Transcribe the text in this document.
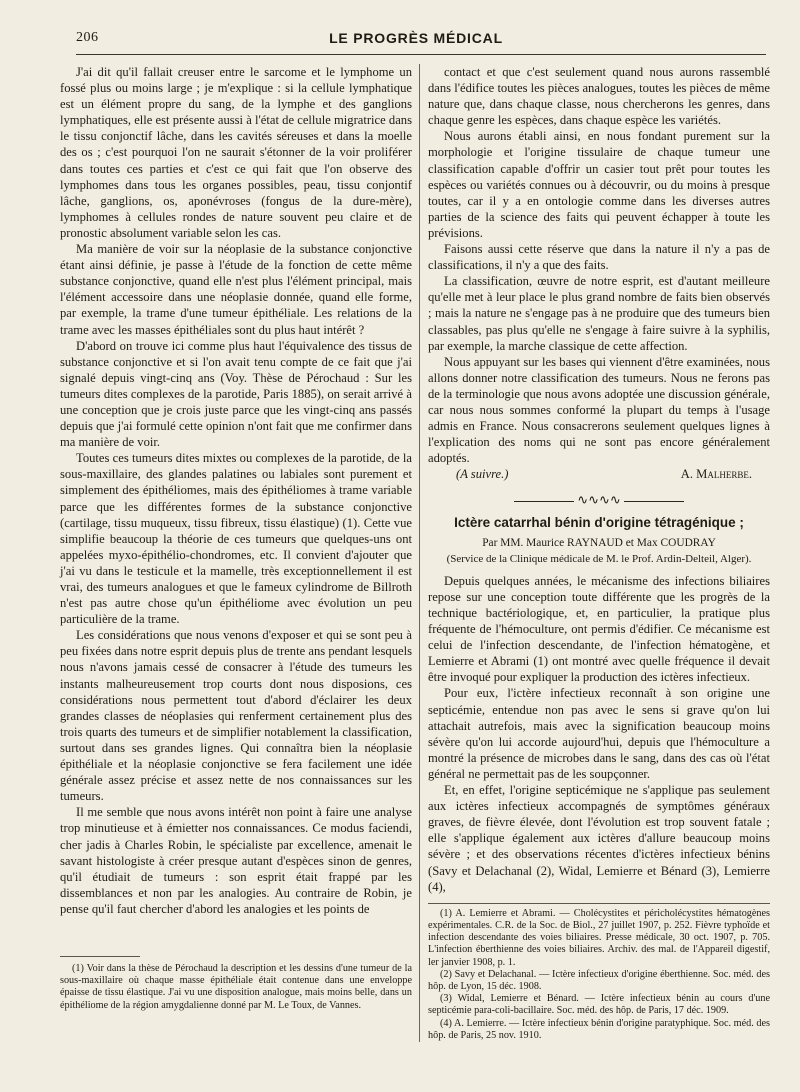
206	LE PROGRÈS MÉDICAL

J'ai dit qu'il fallait creuser entre le sarcome et le lymphome un fossé plus ou moins large ; je m'explique : si la cellule lymphatique est un élément propre du sang, de la lymphe et des ganglions lymphatiques, elle est présente aussi à l'état de cellule migratrice dans le tissu conjonctif lâche, dans les cavités séreuses et dans la moelle des os ; c'est pourquoi l'on ne saurait s'étonner de la voir proliférer dans toutes ces parties et c'est ce qui fait que l'on observe des lymphomes dans tous les organes possibles, peau, tissu conjontif lâche, ganglions, os, aponévroses (fongus de la dure-mère), lymphomes à cellules rondes de nature souvent peu claire et de pronostic absolument variable selon les cas.

Ma manière de voir sur la néoplasie de la substance conjonctive étant ainsi définie, je passe à l'étude de la fonction de cette même substance conjonctive, quand elle n'est plus l'élément principal, mais l'élément accessoire dans une néoplasie donnée, quand elle forme, par exemple, la trame d'une tumeur épithéliale. Les relations de la trame avec les masses épithéliales sont du plus haut intérêt ?

D'abord on trouve ici comme plus haut l'équivalence des tissus de substance conjonctive et si l'on avait tenu compte de ce fait que j'ai signalé depuis vingt-cinq ans (Voy. Thèse de Pérochaud : Sur les tumeurs dites complexes de la parotide, Paris 1885), on serait arrivé à une conception que je crois juste parce que les vingt-cinq ans passés depuis que j'ai formulé cette opinion n'ont fait que me confirmer dans ma manière de voir.

Toutes ces tumeurs dites mixtes ou complexes de la parotide, de la sous-maxillaire, des glandes palatines ou labiales sont purement et simplement des épithéliomes, mais des épithéliomes à trame variable parce que les différentes formes de la substance conjonctive (cartilage, tissu muqueux, tissu fibreux, tissu élastique) (1). Cette vue simplifie beaucoup la théorie de ces tumeurs que quelques-uns ont appelées myxo-épithélio-chondromes, etc. Il convient d'ajouter que j'ai vu dans le testicule et la mamelle, très exceptionnellement il est vrai, des tumeurs analogues et que le fameux cylindrome de Billroth n'est pas autre chose qu'un épithéliome avec évolution un peu particulière de la trame.

Les considérations que nous venons d'exposer et qui se sont peu à peu fixées dans notre esprit depuis plus de trente ans pendant lesquels nous n'avons jamais cessé de consacrer à l'étude des tumeurs les instants malheureusement trop courts dont nous disposions, ces considérations nous permettent tout d'abord d'éclairer les deux grandes classes de néoplasies qui renferment certainement plus des trois quarts des tumeurs et de simplifier notablement la classification, surtout dans ses grandes lignes. Qui connaîtra bien la néoplasie épithéliale et la néoplasie conjonctive se fera facilement une idée générale assez précise et assez nette de nos connaissances sur les tumeurs.

Il me semble que nous avons intérêt non point à faire une analyse trop minutieuse et à émietter nos connaissances. Ce modus faciendi, cher jadis à Charles Robin, le spécialiste par excellence, amenait le savant histologiste à créer presque autant d'espèces sinon de genres, qu'il étudiait de tumeurs : son esprit était frappé par les dissemblances et non par les analogies. Au contraire de Robin, je pense qu'il faut chercher d'abord les analogies et les points de

(1) Voir dans la thèse de Pérochaud la description et les dessins d'une tumeur de la sous-maxillaire où chaque masse épithéliale était contenue dans une enveloppe épaisse de tissu élastique. J'ai vu une disposition analogue, mais moins belle, dans un épithéliome de la région amygdalienne donné par M. Le Toux, de Vannes.

contact et que c'est seulement quand nous aurons rassemblé dans l'édifice toutes les pièces analogues, toutes les pièces de même nature que, dans chaque classe, nous chercherons les genres, dans chaque genre les espèces, dans chaque espèce les variétés.

Nous aurons établi ainsi, en nous fondant purement sur la morphologie et l'origine tissulaire de chaque tumeur une classification capable d'offrir un casier tout prêt pour toutes les espèces ou variétés connues ou à découvrir, ou du moins à presque toutes, car il y a en ontologie comme dans les diverses autres parties de la science des faits qui peuvent échapper à toute les prévisions.

Faisons aussi cette réserve que dans la nature il n'y a pas de classifications, il n'y a que des faits.

La classification, œuvre de notre esprit, est d'autant meilleure qu'elle met à leur place le plus grand nombre de faits bien observés ; mais la nature ne s'engage pas à ne produire que des tumeurs bien classables, pas plus qu'elle ne s'engage à faire suivre à la syphilis, par exemple, la marche classique de cette affection.

Nous appuyant sur les bases qui viennent d'être examinées, nous allons donner notre classification des tumeurs. Nous ne ferons pas de la terminologie que nous avons adoptée une discussion générale, car nous nous sommes conformé la plupart du temps à l'usage admis en France. Nous consacrerons seulement quelques lignes à l'explication des noms qui ne sont pas encore généralement adoptés.

(A suivre.)	A. Malherbe.

∿∿∿∿

Ictère catarrhal bénin d'origine tétragénique ;

Par MM. Maurice RAYNAUD et Max COUDRAY

(Service de la Clinique médicale de M. le Prof. Ardin-Delteil, Alger).

Depuis quelques années, le mécanisme des infections biliaires repose sur une conception toute différente que les progrès de la technique bactériologique, et, en particulier, la pratique plus fréquente de l'hémoculture, ont permis d'édifier. Ce mécanisme est celui de l'infection descendante, de l'infection hématogène, et Lemierre et Abrami (1) ont montré avec quelle fréquence il devait être invoqué pour expliquer la production des ictères infectieux.

Pour eux, l'ictère infectieux reconnaît à son origine une septicémie, entendue non pas avec le sens si grave qu'on lui attachait autrefois, mais avec la signification beaucoup moins sévère qu'on lui accorde aujourd'hui, depuis que l'hémoculture a montré la présence de microbes dans le sang, dans des cas où l'état général ne permettait pas de les soupçonner.

Et, en effet, l'origine septicémique ne s'applique pas seulement aux ictères infectieux accompagnés de symptômes généraux graves, de fièvre élevée, dont l'évolution est trop souvent fatale ; elle s'applique également aux ictères d'allure beaucoup moins sévère ; et des observations récentes d'ictères infectieux bénins (Savy et Delachanal (2), Widal, Lemierre et Bénard (3), Lemierre (4),

(1) A. Lemierre et Abrami. — Cholécystites et péricholécystites hématogènes expérimentales. C.R. de la Soc. de Biol., 27 juillet 1907, p. 252. Fièvre typhoïde et infection descendante des voies biliaires. Presse médicale, 30 oct. 1907, p. 705. L'infection éberthienne des voies biliaires. Archiv. des mal. de l'Appareil digestif, ler janvier 1908, p. 1.

(2) Savy et Delachanal. — Ictère infectieux d'origine éberthienne. Soc. méd. des hôp. de Lyon, 15 déc. 1908.

(3) Widal, Lemierre et Bénard. — Ictère infectieux bénin au cours d'une septicémie para-coli-bacillaire. Soc. méd. des hôp. de Paris, 17 déc. 1909.

(4) A. Lemierre. — Ictère infectieux bénin d'origine paratyphique. Soc. méd. des hôp. de Paris, 25 nov. 1910.
